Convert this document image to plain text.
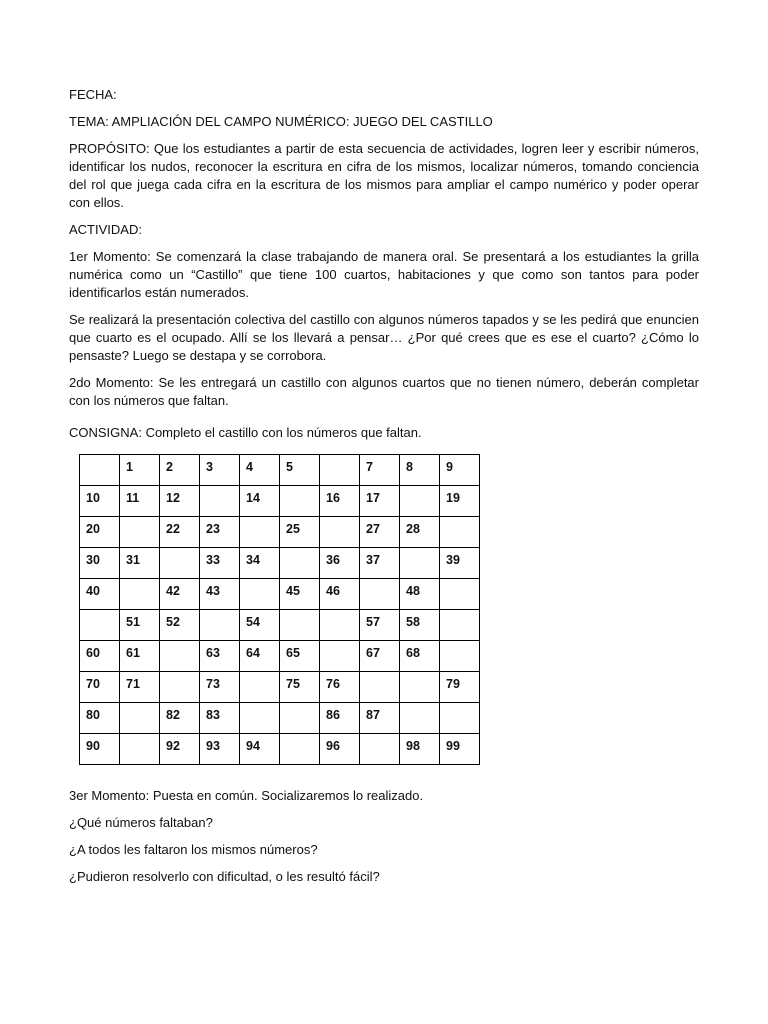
FECHA:

TEMA: AMPLIACIÓN DEL CAMPO NUMÉRICO: JUEGO DEL CASTILLO

PROPÓSITO: Que los estudiantes a partir de esta secuencia de actividades, logren leer y escribir números, identificar los nudos, reconocer la escritura en cifra de los mismos, localizar números, tomando conciencia del rol que juega cada cifra en la escritura de los mismos para ampliar el campo numérico y poder operar con ellos.

ACTIVIDAD:

1er Momento: Se comenzará la clase trabajando de manera oral. Se presentará a los estudiantes la grilla numérica como un “Castillo” que tiene 100 cuartos, habitaciones y que como son tantos para poder identificarlos están numerados.

Se realizará la presentación colectiva del castillo con algunos números tapados y se les pedirá que enuncien que cuarto es el ocupado. Allí se los llevará a pensar… ¿Por qué crees que es ese el cuarto? ¿Cómo lo pensaste? Luego se destapa y se corrobora.

2do Momento: Se les entregará un castillo con algunos cuartos que no tienen número, deberán completar con los números que faltan.

CONSIGNA: Completo el castillo con los números que faltan.

	1	2	3	4	5		7	8	9
10	11	12		14		16	17		19
20		22	23		25		27	28	
30	31		33	34		36	37		39
40		42	43		45	46		48	
	51	52		54			57	58	
60	61		63	64	65		67	68	
70	71		73		75	76			79
80		82	83			86	87		
90		92	93	94		96		98	99

3er Momento: Puesta en común. Socializaremos lo realizado.

¿Qué números faltaban?

¿A todos les faltaron los mismos números?

¿Pudieron resolverlo con dificultad, o les resultó fácil?
